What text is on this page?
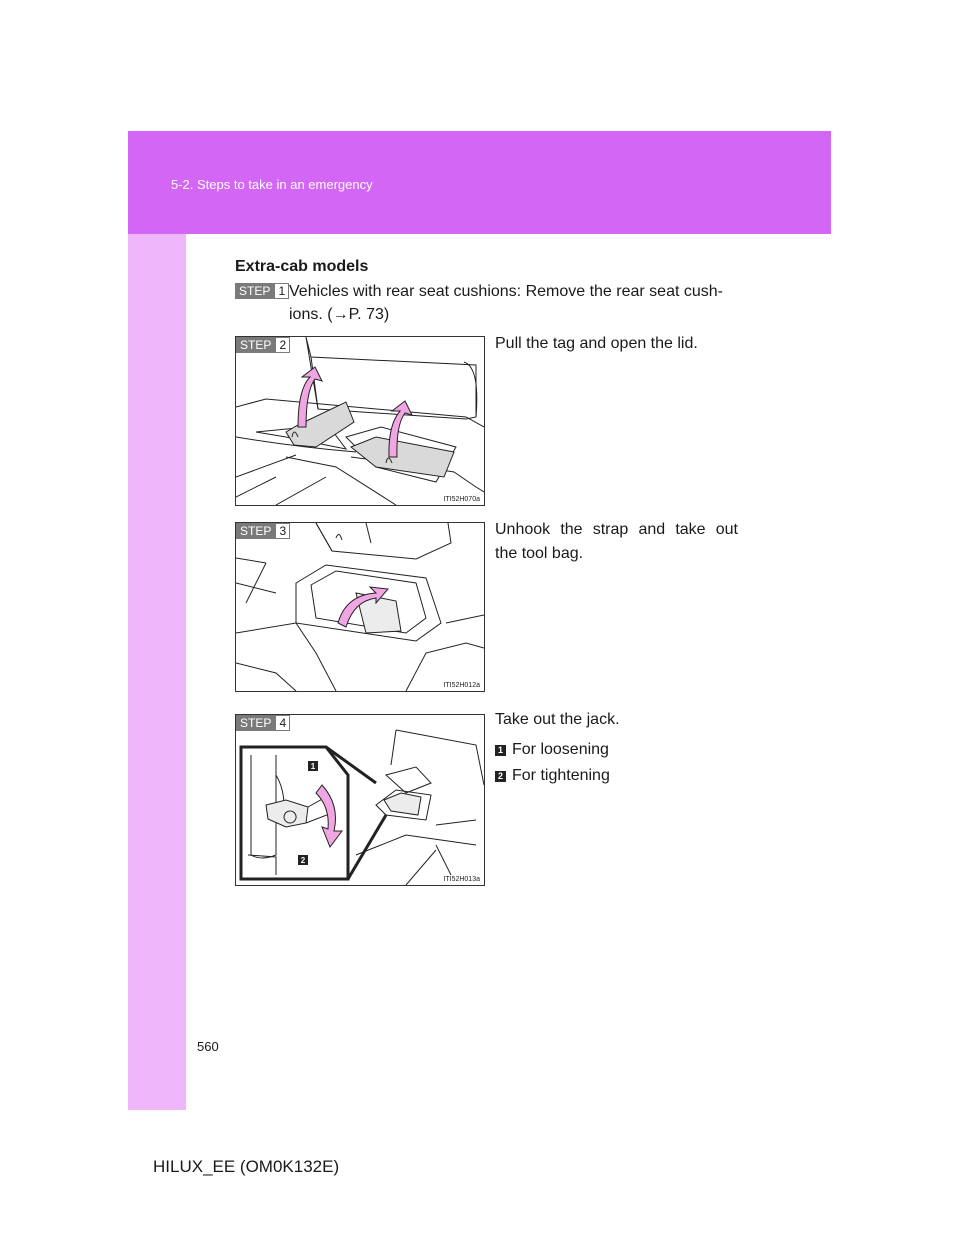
5-2. Steps to take in an emergency
Extra-cab models
STEP 1 Vehicles with rear seat cushions: Remove the rear seat cush-
ions. (→P. 73)
STEP 2
ITI52H070a
Pull the tag and open the lid.
STEP 3
ITI52H012a
Unhook the strap and take out
the tool bag.
1
2
STEP 4
ITI52H013a
Take out the jack.
1 For loosening
2 For tightening
560
HILUX_EE (OM0K132E)
